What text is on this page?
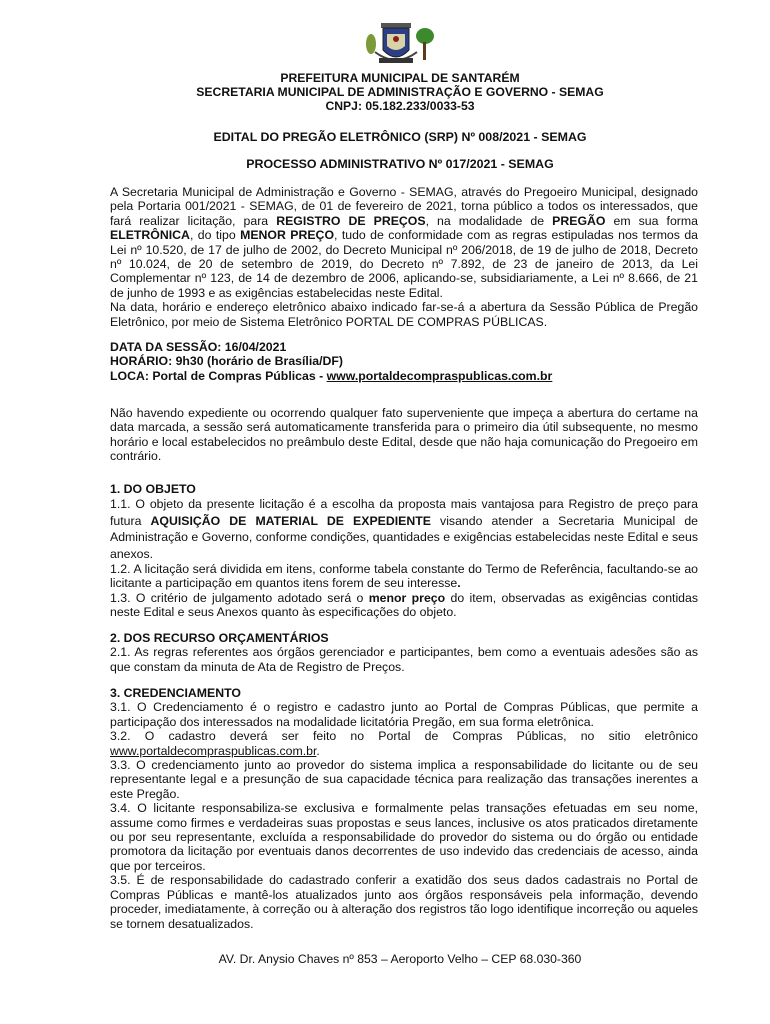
PREFEITURA MUNICIPAL DE SANTARÉM
SECRETARIA MUNICIPAL DE ADMINISTRAÇÃO E GOVERNO - SEMAG
CNPJ: 05.182.233/0033-53
EDITAL DO PREGÃO ELETRÔNICO (SRP) Nº 008/2021 - SEMAG
PROCESSO ADMINISTRATIVO Nº 017/2021 - SEMAG

A Secretaria Municipal de Administração e Governo - SEMAG, através do Pregoeiro Municipal, designado pela Portaria 001/2021 - SEMAG, de 01 de fevereiro de 2021, torna público a todos os interessados, que fará realizar licitação, para REGISTRO DE PREÇOS, na modalidade de PREGÃO em sua forma ELETRÔNICA, do tipo MENOR PREÇO, tudo de conformidade com as regras estipuladas nos termos da Lei nº 10.520, de 17 de julho de 2002, do Decreto Municipal nº 206/2018, de 19 de julho de 2018, Decreto nº 10.024, de 20 de setembro de 2019, do Decreto nº 7.892, de 23 de janeiro de 2013, da Lei Complementar nº 123, de 14 de dezembro de 2006, aplicando-se, subsidiariamente, a Lei nº 8.666, de 21 de junho de 1993 e as exigências estabelecidas neste Edital.

Na data, horário e endereço eletrônico abaixo indicado far-se-á a abertura da Sessão Pública de Pregão Eletrônico, por meio de Sistema Eletrônico PORTAL DE COMPRAS PÚBLICAS.

DATA DA SESSÃO: 16/04/2021

HORÁRIO: 9h30 (horário de Brasília/DF)

LOCA: Portal de Compras Públicas - www.portaldecompraspublicas.com.br

Não havendo expediente ou ocorrendo qualquer fato superveniente que impeça a abertura do certame na data marcada, a sessão será automaticamente transferida para o primeiro dia útil subsequente, no mesmo horário e local estabelecidos no preâmbulo deste Edital, desde que não haja comunicação do Pregoeiro em contrário.

1. DO OBJETO

1.1. O objeto da presente licitação é a escolha da proposta mais vantajosa para Registro de preço para futura AQUISIÇÃO DE MATERIAL DE EXPEDIENTE visando atender a Secretaria Municipal de Administração e Governo, conforme condições, quantidades e exigências estabelecidas neste Edital e seus anexos.

1.2. A licitação será dividida em itens, conforme tabela constante do Termo de Referência, facultando-se ao licitante a participação em quantos itens forem de seu interesse.

1.3. O critério de julgamento adotado será o menor preço do item, observadas as exigências contidas neste Edital e seus Anexos quanto às especificações do objeto.

2. DOS RECURSO ORÇAMENTÁRIOS

2.1. As regras referentes aos órgãos gerenciador e participantes, bem como a eventuais adesões são as que constam da minuta de Ata de Registro de Preços.

3. CREDENCIAMENTO

3.1. O Credenciamento é o registro e cadastro junto ao Portal de Compras Públicas, que permite a participação dos interessados na modalidade licitatória Pregão, em sua forma eletrônica.

3.2. O cadastro deverá ser feito no Portal de Compras Públicas, no sitio eletrônico www.portaldecompraspublicas.com.br.

3.3. O credenciamento junto ao provedor do sistema implica a responsabilidade do licitante ou de seu representante legal e a presunção de sua capacidade técnica para realização das transações inerentes a este Pregão.

3.4. O licitante responsabiliza-se exclusiva e formalmente pelas transações efetuadas em seu nome, assume como firmes e verdadeiras suas propostas e seus lances, inclusive os atos praticados diretamente ou por seu representante, excluída a responsabilidade do provedor do sistema ou do órgão ou entidade promotora da licitação por eventuais danos decorrentes de uso indevido das credenciais de acesso, ainda que por terceiros.

3.5. É de responsabilidade do cadastrado conferir a exatidão dos seus dados cadastrais no Portal de Compras Públicas e mantê-los atualizados junto aos órgãos responsáveis pela informação, devendo proceder, imediatamente, à correção ou à alteração dos registros tão logo identifique incorreção ou aqueles se tornem desatualizados.

AV. Dr. Anysio Chaves nº 853 – Aeroporto Velho – CEP 68.030-360
